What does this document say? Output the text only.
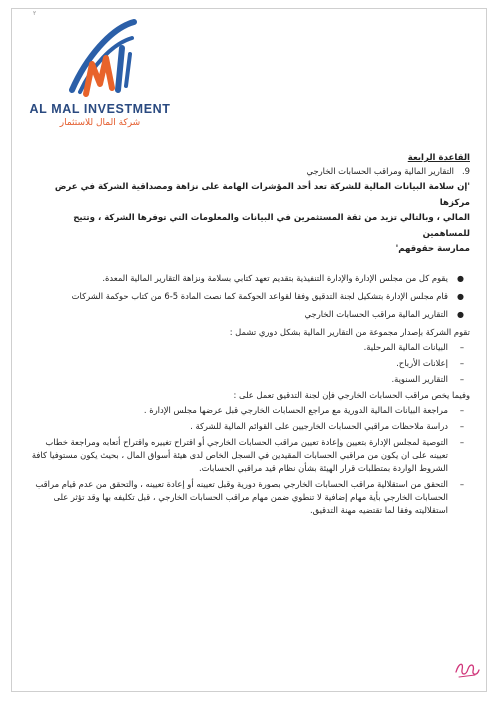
٢
AL MAL INVESTMENT
شركة المال للاستثمار

القاعدة الرابعة

9.   التقارير المالية ومراقب الحسابات الخارجي

'إن سلامة البيانات المالية للشركة تعد أحد المؤشرات الهامة على نزاهة ومصداقية الشركة في عرض مركزها

المالي ، وبالتالي تزيد من ثقة المستثمرين في البيانات والمعلومات التي توفرها الشركة ، وتتيح للمساهمين

ممارسة حقوقهم'

●
يقوم كل من مجلس الإدارة والإدارة التنفيذية بتقديم تعهد كتابي بسلامة ونزاهة التقارير المالية المعدة.
●
قام مجلس الإدارة بتشكيل لجنة التدقيق وفقا لقواعد الحوكمة كما نصت المادة 5-6 من كتاب حوكمة الشركات
●
التقارير المالية مراقب الحسابات الخارجي

تقوم الشركة بإصدار مجموعة من التقارير المالية بشكل دوري تشمل :

–
البيانات المالية المرحلية.
–
إعلانات الأرباح.
–
التقارير السنوية.

وفيما يخص مراقب الحسابات الخارجي فإن لجنة التدقيق تعمل على :

–
مراجعة البيانات المالية الدورية مع مراجع الحسابات الخارجي قبل عرضها مجلس الإدارة .
–
دراسة ملاحظات مراقبي الحسابات الخارجيين على القوائم المالية للشركة .
–
التوصية لمجلس الإدارة بتعيين وإعادة تعيين مراقب الحسابات الخارجي أو اقتراح تغييره واقتراح أتعابه ومراجعة خطاب تعيينه على ان يكون من مراقبي الحسابات المقيدين في السجل الخاص لدى هيئة أسواق المال ، بحيث يكون مستوفيا كافة الشروط الواردة بمتطلبات قرار الهيئة بشأن نظام قيد مراقبي الحسابات.
–
التحقق من استقلالية مراقب الحسابات الخارجي بصورة دورية وقبل تعيينه أو إعادة تعيينه ، والتحقق من عدم قيام مراقب الحسابات الخارجي بأية مهام إضافية لا تنطوي ضمن مهام مراقب الحسابات الخارجي ، قبل تكليفه بها وقد تؤثر على استقلاليته وفقا لما تقتضيه مهنة التدقيق.
